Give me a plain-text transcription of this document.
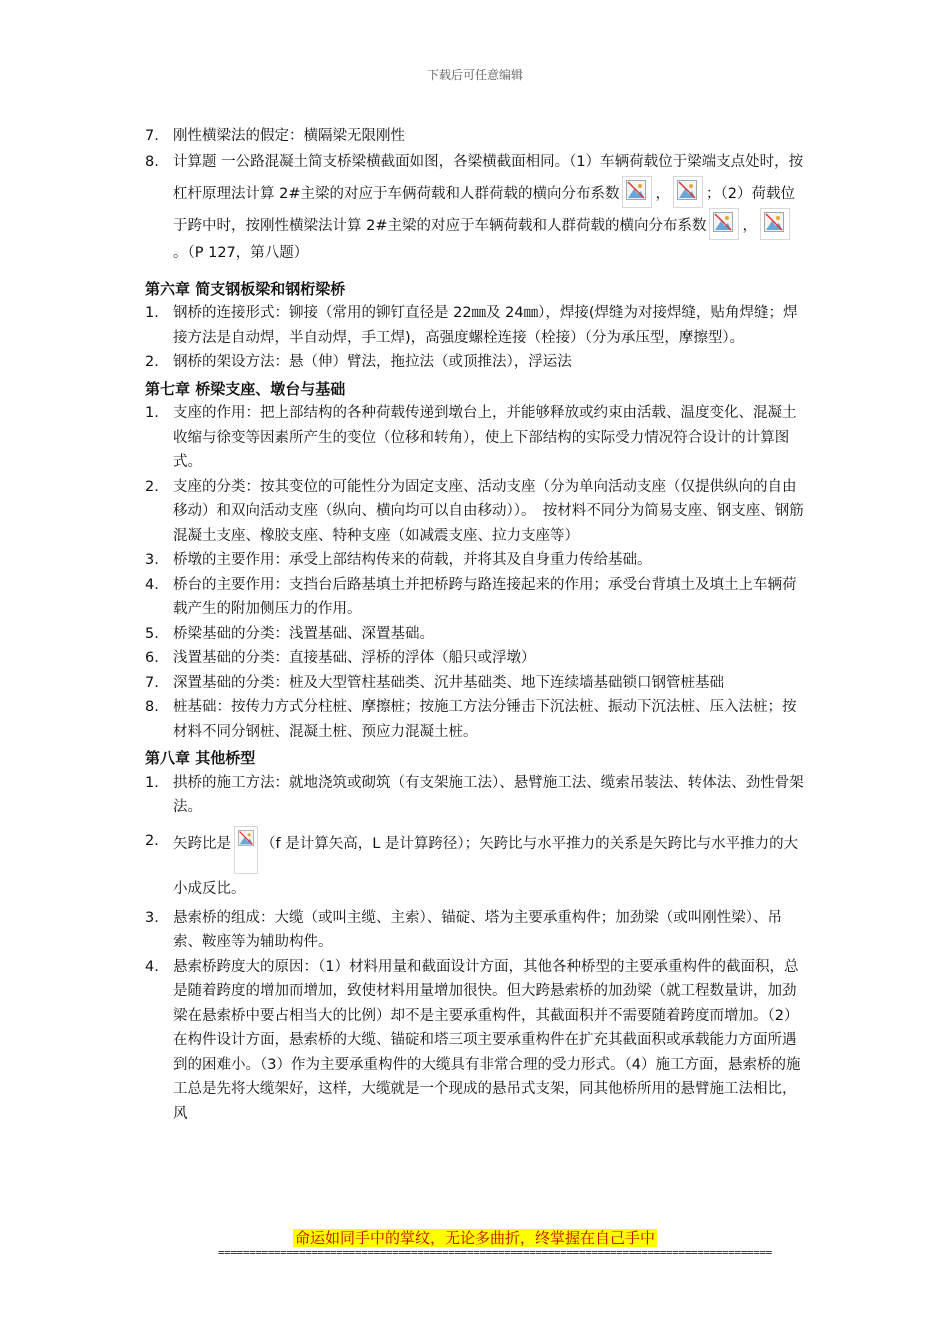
下载后可任意编辑
7. 刚性横梁法的假定：横隔梁无限刚性
8. 计算题 一公路混凝土简支桥梁横截面如图，各梁横截面相同。（1）车辆荷载位于梁端支点处时，按杠杆原理法计算 2#主梁的对应于车俩荷载和人群荷载的横向分布系数 ， ；（2）荷载位于跨中时，按刚性横梁法计算 2#主梁的对应于车辆荷载和人群荷载的横向分布系数 ，
。（P 127，第八题）
第六章 简支钢板梁和钢桁梁桥
1. 钢桥的连接形式：铆接（常用的铆钉直径是 22㎜及 24㎜），焊接(焊缝为对接焊缝，贴角焊缝；焊接方法是自动焊，半自动焊，手工焊)，高强度螺栓连接（栓接）（分为承压型，摩擦型）。
2. 钢桥的架设方法：悬（伸）臂法，拖拉法（或顶推法），浮运法
第七章 桥梁支座、墩台与基础
1. 支座的作用：把上部结构的各种荷载传递到墩台上，并能够释放或约束由活载、温度变化、混凝土收缩与徐变等因素所产生的变位（位移和转角），使上下部结构的实际受力情况符合设计的计算图式。
2. 支座的分类：按其变位的可能性分为固定支座、活动支座（分为单向活动支座（仅提供纵向的自由移动）和双向活动支座（纵向、横向均可以自由移动））。　按材料不同分为简易支座、钢支座、钢筋混凝土支座、橡胶支座、特种支座（如减震支座、拉力支座等）
3. 桥墩的主要作用：承受上部结构传来的荷载，并将其及自身重力传给基础。
4. 桥台的主要作用：支挡台后路基填土并把桥跨与路连接起来的作用；承受台背填土及填土上车辆荷载产生的附加侧压力的作用。
5. 桥梁基础的分类：浅置基础、深置基础。
6. 浅置基础的分类：直接基础、浮桥的浮体（船只或浮墩）
7. 深置基础的分类：桩及大型管柱基础类、沉井基础类、地下连续墙基础锁口钢管桩基础
8. 桩基础：按传力方式分柱桩、摩擦桩；按施工方法分锤击下沉法桩、振动下沉法桩、压入法桩；按材料不同分钢桩、混凝土桩、预应力混凝土桩。
第八章 其他桥型
1. 拱桥的施工方法：就地浇筑或砌筑（有支架施工法）、悬臂施工法、缆索吊装法、转体法、劲性骨架法。
2. 矢跨比是 （f 是计算矢高，L 是计算跨径）；矢跨比与水平推力的关系是矢跨比与水平推力的大小成反比。
3. 悬索桥的组成：大缆（或叫主缆、主索）、锚碇、塔为主要承重构件；加劲梁（或叫刚性梁）、吊索、鞍座等为辅助构件。
4. 悬索桥跨度大的原因：（1）材料用量和截面设计方面，其他各种桥型的主要承重构件的截面积，总是随着跨度的增加而增加，致使材料用量增加很快。但大跨悬索桥的加劲梁（就工程数量讲，加劲梁在悬索桥中要占相当大的比例）却不是主要承重构件，其截面积并不需要随着跨度而增加。（2）在构件设计方面，悬索桥的大缆、锚碇和塔三项主要承重构件在扩充其截面积或承载能力方面所遇到的困难小。（3）作为主要承重构件的大缆具有非常合理的受力形式。（4）施工方面，悬索桥的施工总是先将大缆架好，这样，大缆就是一个现成的悬吊式支架，同其他桥所用的悬臂施工法相比，风
命运如同手中的掌纹，无论多曲折，终掌握在自己手中
=========================================================================================
